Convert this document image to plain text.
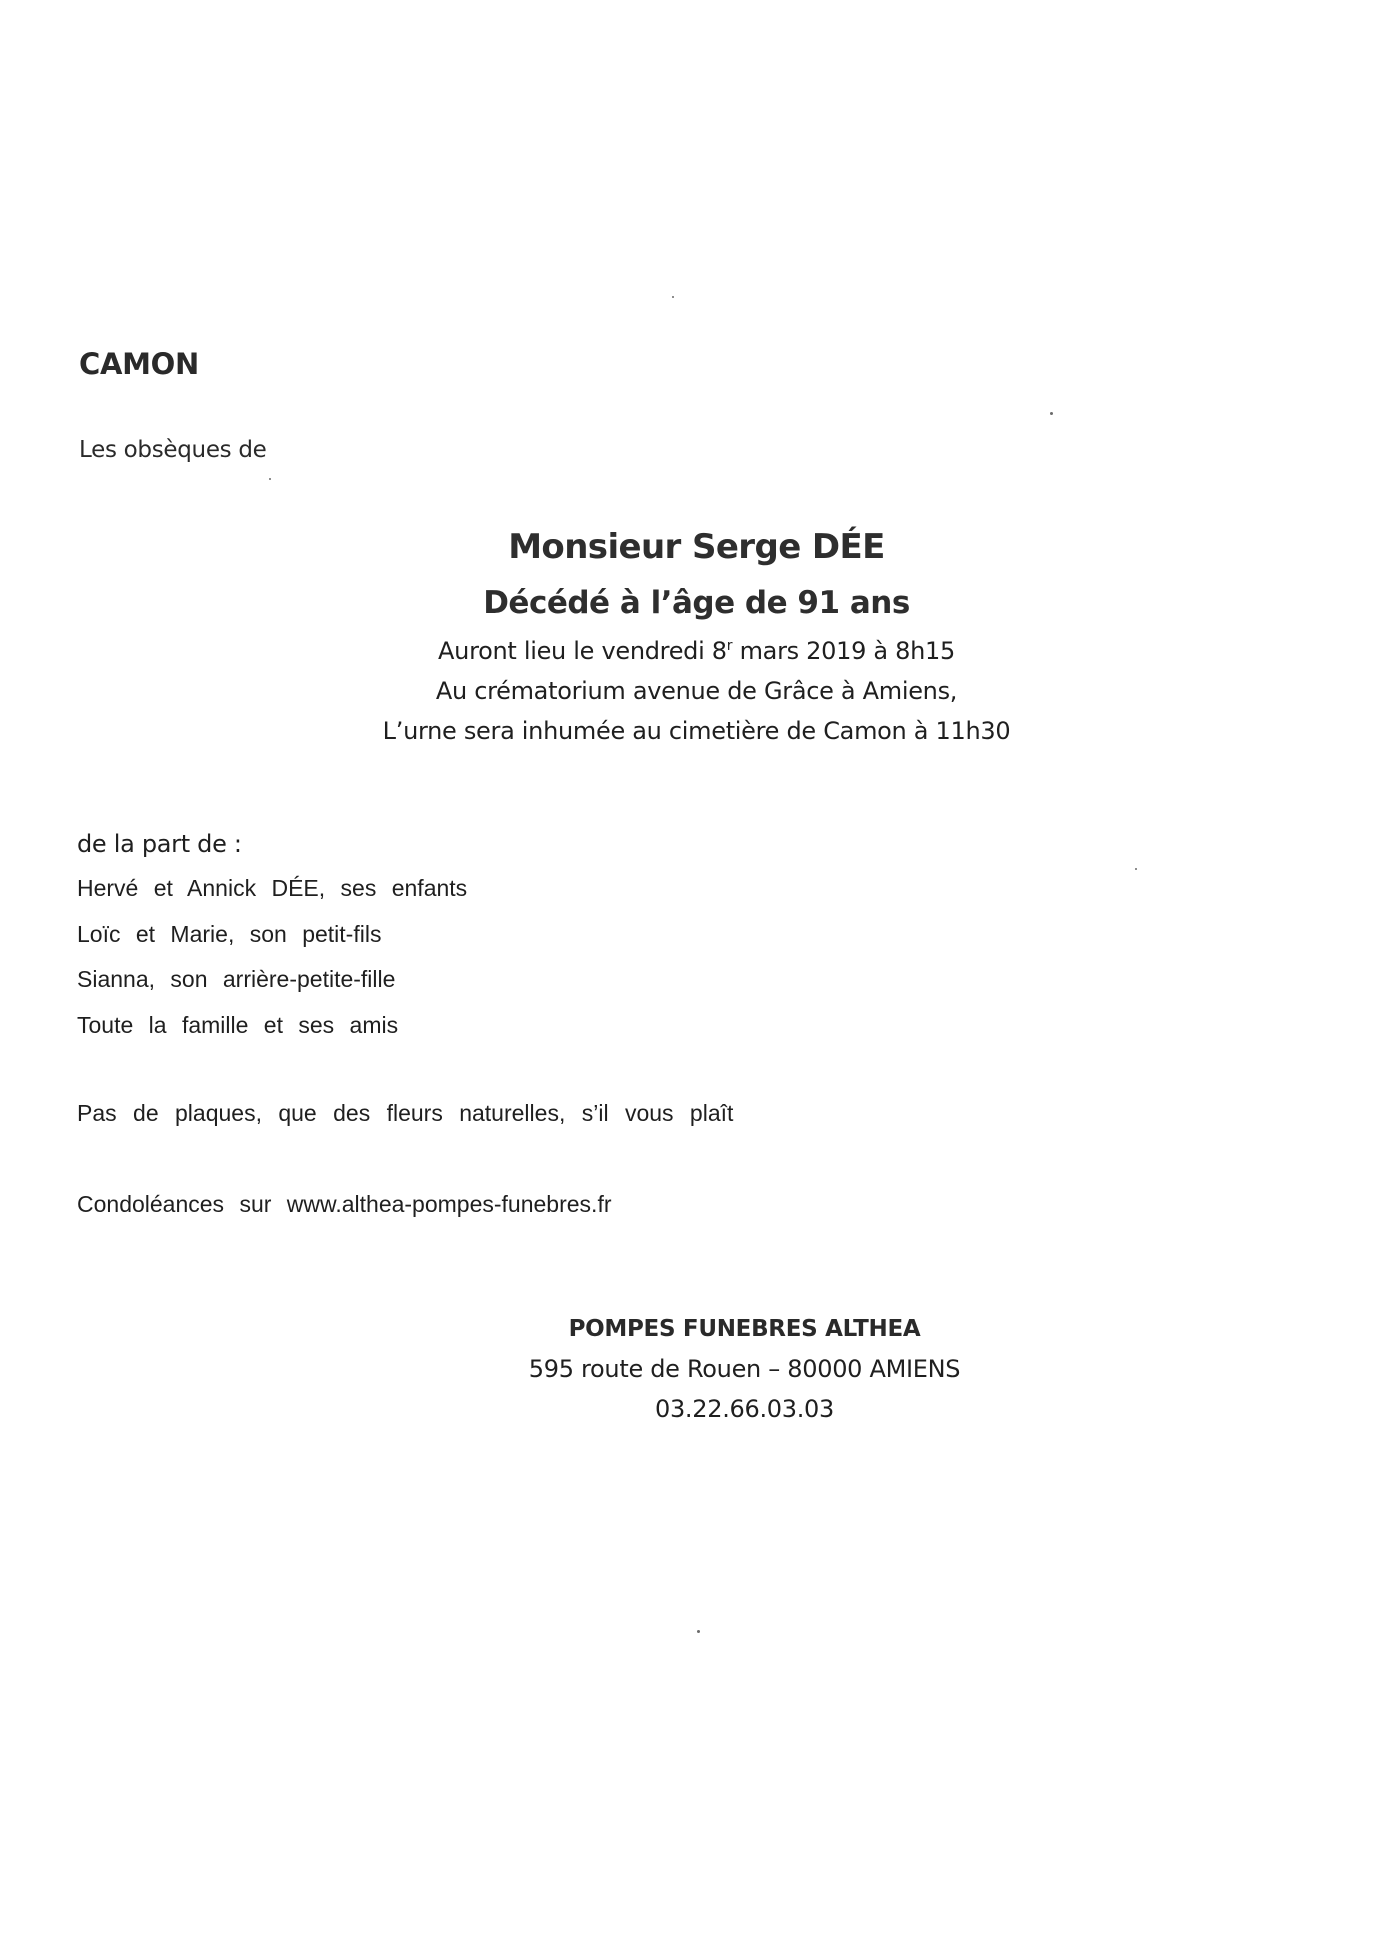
CAMON

Les obsèques de

Monsieur Serge DÉE

Décédé à l’âge de 91 ans

Auront lieu le vendredi 8$^r$ mars 2019 à 8h15

Au crématorium avenue de Grâce à Amiens,

L’urne sera inhumée au cimetière de Camon à 11h30

de la part de :

Hervé et Annick DÉE, ses enfants
Loïc et Marie, son petit-fils
Sianna, son arrière-petite-fille
Toute la famille et ses amis

Pas de plaques, que des fleurs naturelles, s’il vous plaît

Condoléances sur www.althea-pompes-funebres.fr

POMPES FUNEBRES ALTHEA

595 route de Rouen – 80000 AMIENS

03.22.66.03.03
